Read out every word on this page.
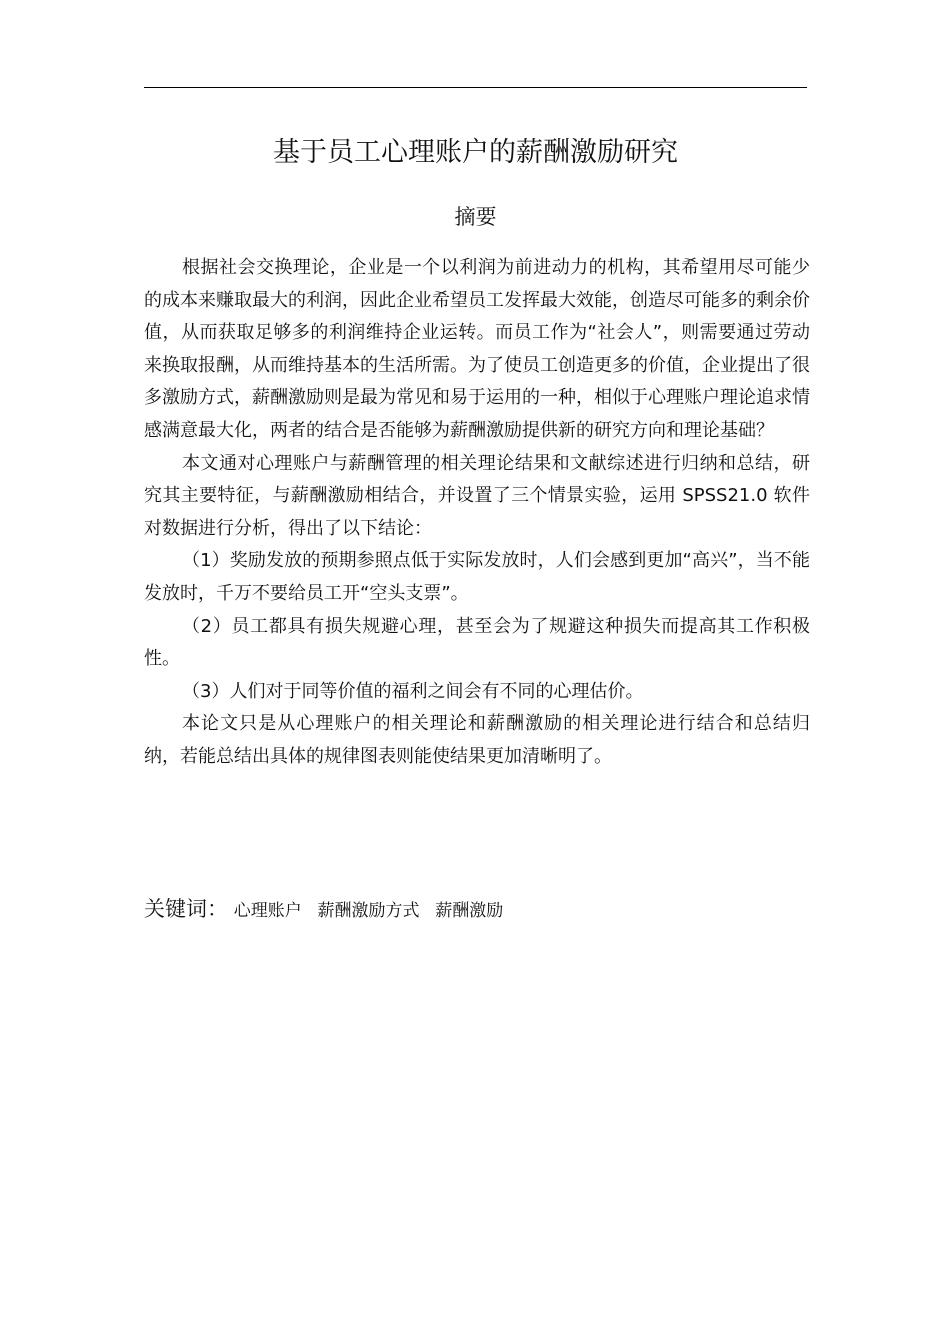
基于员工心理账户的薪酬激励研究
摘要

根据社会交换理论，企业是一个以利润为前进动力的机构，其希望用尽可能少的成本来赚取最大的利润，因此企业希望员工发挥最大效能，创造尽可能多的剩余价值，从而获取足够多的利润维持企业运转。而员工作为“社会人”，则需要通过劳动来换取报酬，从而维持基本的生活所需。为了使员工创造更多的价值，企业提出了很多激励方式，薪酬激励则是最为常见和易于运用的一种，相似于心理账户理论追求情感满意最大化，两者的结合是否能够为薪酬激励提供新的研究方向和理论基础？

本文通对心理账户与薪酬管理的相关理论结果和文献综述进行归纳和总结，研究其主要特征，与薪酬激励相结合，并设置了三个情景实验，运用 SPSS21.0 软件对数据进行分析，得出了以下结论：

（1）奖励发放的预期参照点低于实际发放时，人们会感到更加“高兴”，当不能发放时，千万不要给员工开“空头支票”。

（2）员工都具有损失规避心理，甚至会为了规避这种损失而提高其工作积极性。

（3）人们对于同等价值的福利之间会有不同的心理估价。

本论文只是从心理账户的相关理论和薪酬激励的相关理论进行结合和总结归纳，若能总结出具体的规律图表则能使结果更加清晰明了。

关键词： 心理账户 薪酬激励方式 薪酬激励
